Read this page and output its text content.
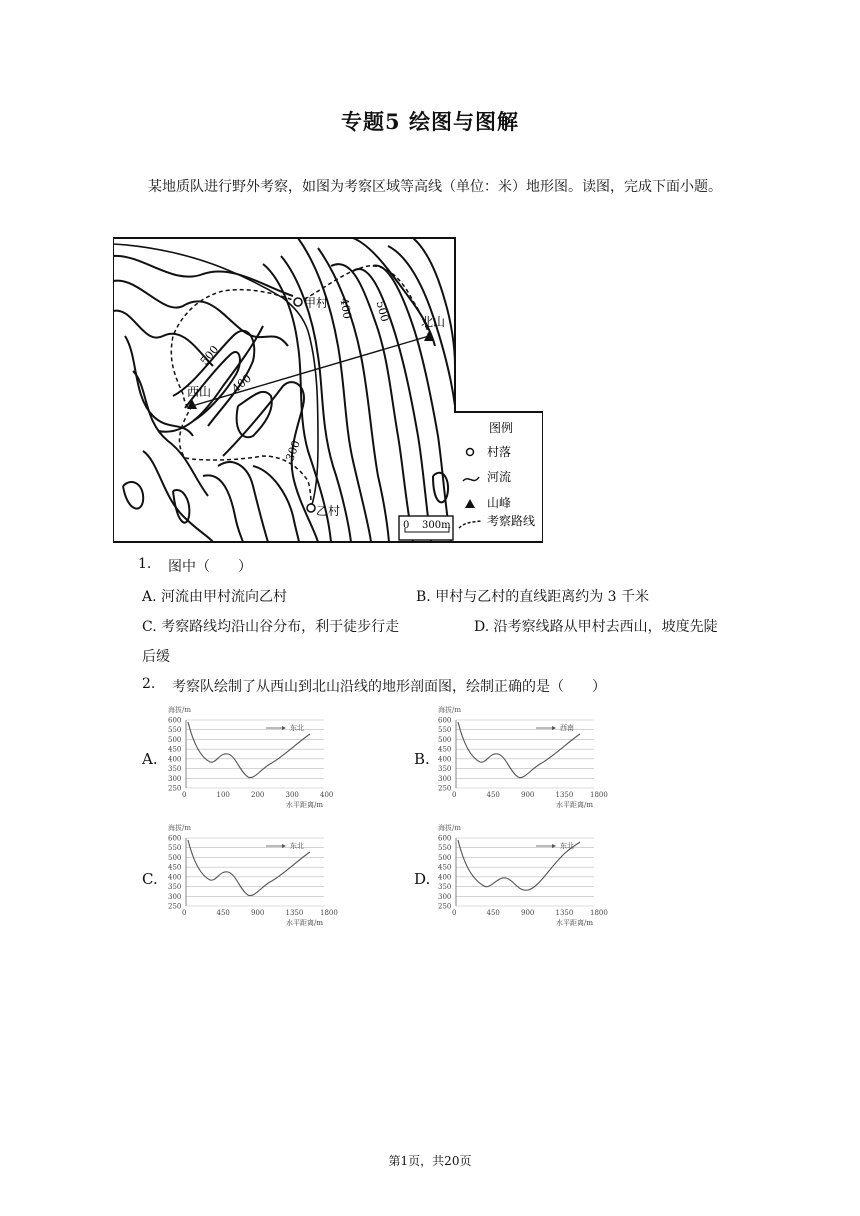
专题5 绘图与图解
某地质队进行野外考察，如图为考察区域等高线（单位：米）地形图。读图，完成下面小题。
甲村
北山
西山
乙村
300
400
400
500
500
图例
村落
河流
山峰
考察路线
0 300m
1. 图中（　　）
A. 河流由甲村流向乙村	B. 甲村与乙村的直线距离约为 3 千米
C. 考察路线均沿山谷分布，利于徒步行走	D. 沿考察线路从甲村去西山，坡度先陡
后缓
2. 考察队绘制了从西山到北山沿线的地形剖面图，绘制正确的是（　　）
A.	B.
C.	D.
海拔/m
600
550
500
450
400
350
300
250
0	100	200	300	400
水平距离/m
东北
海拔/m
600
550
500
450
400
350
300
250
0	450	900	1350 1800
水平距离/m
西南
海拔/m
600
550
500
450
400
350
300
250
0	450	900	1350 1800
水平距离/m
东北
海拔/m
600
550
500
450
400
350
300
250
0	450	900	1350 1800
水平距离/m
东北
第1页，共20页
